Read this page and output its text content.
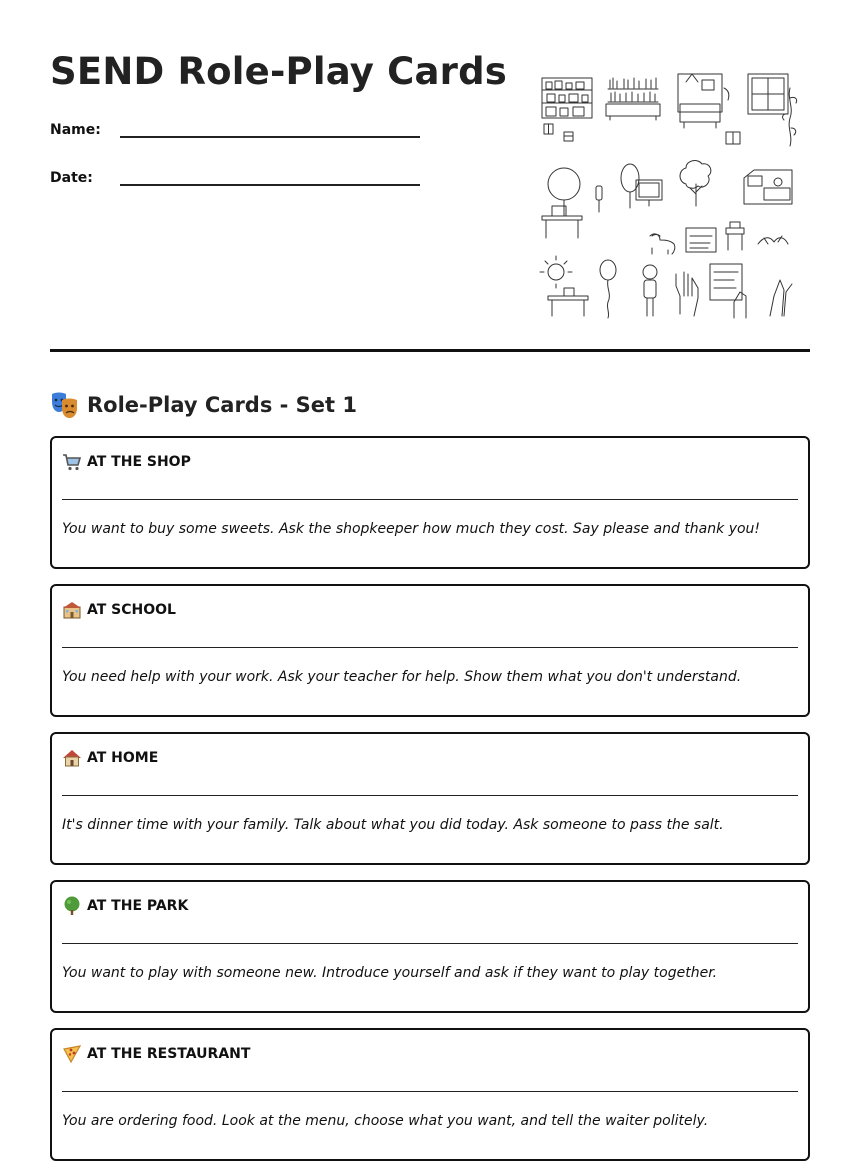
SEND Role-Play Cards
Name:
Date:
Role-Play Cards - Set 1
AT THE SHOP
You want to buy some sweets. Ask the shopkeeper how much they cost. Say please and thank you!
AT SCHOOL
You need help with your work. Ask your teacher for help. Show them what you don't understand.
AT HOME
It's dinner time with your family. Talk about what you did today. Ask someone to pass the salt.
AT THE PARK
You want to play with someone new. Introduce yourself and ask if they want to play together.
AT THE RESTAURANT
You are ordering food. Look at the menu, choose what you want, and tell the waiter politely.
